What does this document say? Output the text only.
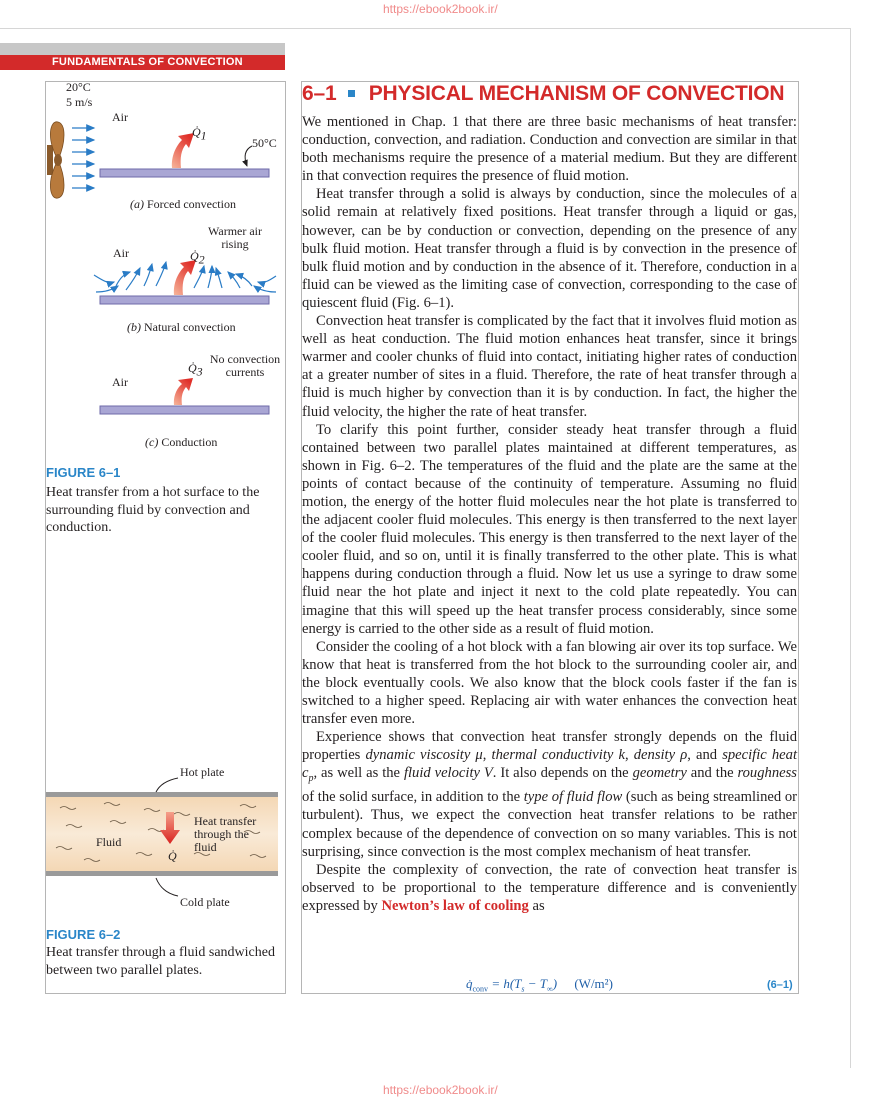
https://ebook2book.ir/
https://ebook2book.ir/
FUNDAMENTALS OF CONVECTION
20°C
5 m/s
Air
$Q̇_1$
50°C
(a) Forced convection
Air
Warmer air rising
$Q̇_2$
(b) Natural convection
No convection currents
Air
$Q̇_3$
(c) Conduction
FIGURE 6–1
Heat transfer from a hot surface to the surrounding fluid by convection and conduction.
Hot plate
Fluid
Heat transfer through the fluid
Q̇
Cold plate
FIGURE 6–2
Heat transfer through a fluid sandwiched between two parallel plates.
6–1 PHYSICAL MECHANISM OF CONVECTION

We mentioned in Chap. 1 that there are three basic mechanisms of heat transfer: conduction, convection, and radiation. Conduction and convection are similar in that both mechanisms require the presence of a material medium. But they are different in that convection requires the presence of fluid motion.

Heat transfer through a solid is always by conduction, since the molecules of a solid remain at relatively fixed positions. Heat transfer through a liquid or gas, however, can be by conduction or convection, depending on the presence of any bulk fluid motion. Heat transfer through a fluid is by convection in the presence of bulk fluid motion and by conduction in the absence of it. Therefore, conduction in a fluid can be viewed as the limiting case of convection, corresponding to the case of quiescent fluid (Fig. 6–1).

Convection heat transfer is complicated by the fact that it involves fluid motion as well as heat conduction. The fluid motion enhances heat transfer, since it brings warmer and cooler chunks of fluid into contact, initiating higher rates of conduction at a greater number of sites in a fluid. Therefore, the rate of heat transfer through a fluid is much higher by convection than it is by conduction. In fact, the higher the fluid velocity, the higher the rate of heat transfer.

To clarify this point further, consider steady heat transfer through a fluid contained between two parallel plates maintained at different temperatures, as shown in Fig. 6–2. The temperatures of the fluid and the plate are the same at the points of contact because of the continuity of temperature. Assuming no fluid motion, the energy of the hotter fluid molecules near the hot plate is transferred to the adjacent cooler fluid molecules. This energy is then transferred to the next layer of the cooler fluid molecules. This energy is then transferred to the next layer of the cooler fluid, and so on, until it is finally transferred to the other plate. This is what happens during conduction through a fluid. Now let us use a syringe to draw some fluid near the hot plate and inject it next to the cold plate repeatedly. You can imagine that this will speed up the heat transfer process considerably, since some energy is carried to the other side as a result of fluid motion.

Consider the cooling of a hot block with a fan blowing air over its top surface. We know that heat is transferred from the hot block to the surrounding cooler air, and the block eventually cools. We also know that the block cools faster if the fan is switched to a higher speed. Replacing air with water enhances the convection heat transfer even more.

Experience shows that convection heat transfer strongly depends on the fluid properties dynamic viscosity μ, thermal conductivity k, density ρ, and specific heat $c_p$, as well as the fluid velocity V. It also depends on the geometry and the roughness of the solid surface, in addition to the type of fluid flow (such as being streamlined or turbulent). Thus, we expect the convection heat transfer relations to be rather complex because of the dependence of convection on so many variables. This is not surprising, since convection is the most complex mechanism of heat transfer.

Despite the complexity of convection, the rate of convection heat transfer is observed to be proportional to the temperature difference and is conveniently expressed by Newton’s law of cooling as

$q̇_{conv} = h(T_s - T_\infty)$ (W/m²)	(6–1)
